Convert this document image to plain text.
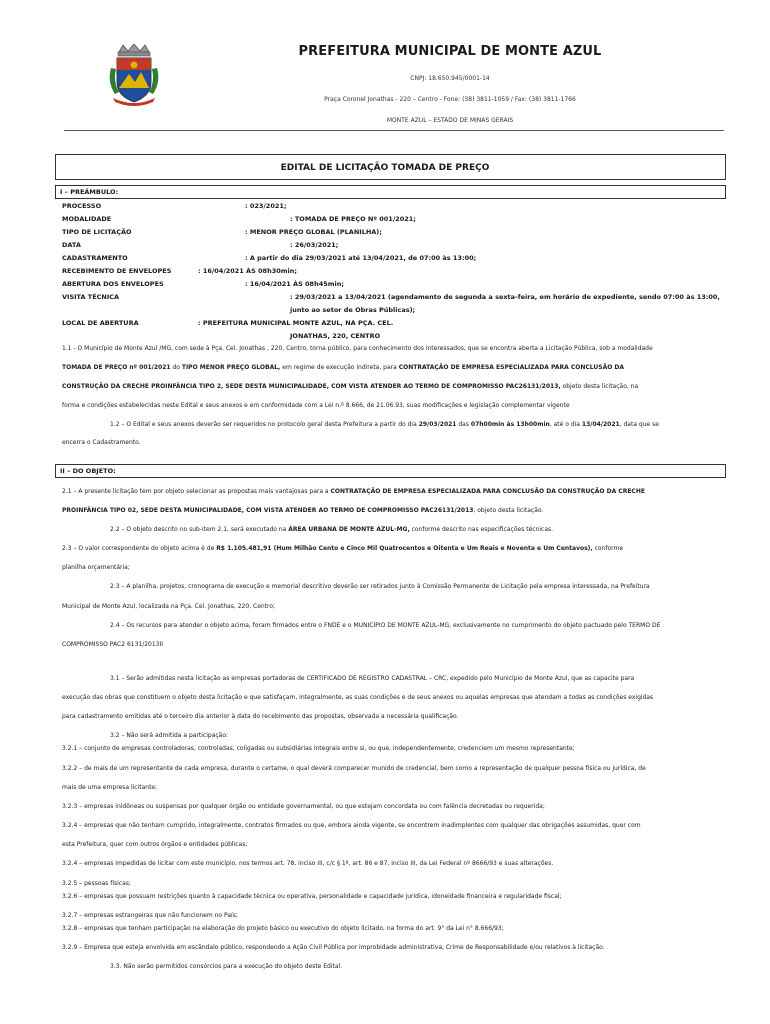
PREFEITURA MUNICIPAL DE MONTE AZUL
CNPJ: 18.650.945/0001-14
Praça Coronel Jonathas - 220 – Centro - Fone: (38) 3811-1059 / Fax: (38) 3811-1766
MONTE AZUL – ESTADO DE MINAS GERAIS
EDITAL DE LICITAÇÃO TOMADA DE PREÇO
I – PREÂMBULO:
PROCESSO	: 023/2021;
MODALIDADE	: TOMADA DE PREÇO Nº 001/2021;
TIPO DE LICITAÇÃO	: MENOR PREÇO GLOBAL (PLANILHA);
DATA	: 26/03/2021;
CADASTRAMENTO	: A partir do dia 29/03/2021 até 13/04/2021, de 07:00 às 13:00;
RECEBIMENTO DE ENVELOPES	: 16/04/2021 ÀS 08h30min;
ABERTURA DOS ENVELOPES	: 16/04/2021 ÀS 08h45min;
VISITA TÉCNICA	: 29/03/2021 a 13/04/2021 (agendamento de segunda a sexta-feira, em horário de expediente, sendo 07:00 às 13:00,
junto ao setor de Obras Públicas);
LOCAL DE ABERTURA	: PREFEITURA MUNICIPAL MONTE AZUL, NA PÇA. CEL.
JONATHAS, 220, CENTRO
1.1 - O Município de Monte Azul /MG, com sede à Pça. Cel. Jonathas , 220, Centro, torna público, para conhecimento dos interessados, que se encontra aberta a Licitação Pública, sob a modalidade
TOMADA DE PREÇO nº 001/2021 do TIPO MENOR PREÇO GLOBAL, em regime de execução indireta, para CONTRATAÇÃO DE EMPRESA ESPECIALIZADA PARA CONCLUSÃO DA
CONSTRUÇÃO DA CRECHE PROINFÂNCIA TIPO 2, SEDE DESTA MUNICIPALIDADE, COM VISTA ATENDER AO TERMO DE COMPROMISSO PAC26131/2013, objeto desta licitação, na
forma e condições estabelecidas neste Edital e seus anexos e em conformidade com a Lei n.º 8.666, de 21.06.93, suas modificações e legislação complementar vigente
1.2 – O Edital e seus anexos deverão ser requeridos no protocolo geral desta Prefeitura a partir do dia 29/03/2021 das 07h00min às 13h00min, até o dia 13/04/2021, data que se
encerra o Cadastramento.
II – DO OBJETO:
2.1 – A presente licitação tem por objeto selecionar as propostas mais vantajosas para a CONTRATAÇÃO DE EMPRESA ESPECIALIZADA PARA CONCLUSÃO DA CONSTRUÇÃO DA CRECHE
PROINFÂNCIA TIPO 02, SEDE DESTA MUNICIPALIDADE, COM VISTA ATENDER AO TERMO DE COMPROMISSO PAC26131/2013, objeto desta licitação.
2.2 – O objeto descrito no sub-item 2.1, será executado na ÁREA URBANA DE MONTE AZUL-MG, conforme descrito nas especificações técnicas.
2.3 – O valor correspondente do objeto acima é de R$ 1.105.481,91 (Hum Milhão Cento e Cinco Mil Quatrocentos e Oitenta e Um Reais e Noventa e Um Centavos), conforme
planilha orçamentária;
2.3 – A planilha, projetos, cronograma de execução e memorial descritivo deverão ser retirados junto à Comissão Permanente de Licitação pela empresa interessada, na Prefeitura
Municipal de Monte Azul, localizada na Pça. Cel. Jonathas, 220, Centro;
2.4 – Os recursos para atender o objeto acima, foram firmados entre o FNDE e o MUNICÍPIO DE MONTE AZUL-MG, exclusivamente no cumprimento do objeto pactuado pelo TERMO DE
COMPROMISSO PAC2 6131/2013II
3.1 – Serão admitidas nesta licitação as empresas portadoras de CERTIFICADO DE REGISTRO CADASTRAL – CRC, expedido pelo Município de Monte Azul, que as capacite para
execução das obras que constituem o objeto desta licitação e que satisfaçam, integralmente, as suas condições e de seus anexos ou aquelas empresas que atendam a todas as condições exigidas
para cadastramento emitidas até o terceiro dia anterior à data do recebimento das propostas, observada a necessária qualificação.
3.2 – Não será admitida a participação:
3.2.1 – conjunto de empresas controladoras, controladas, coligadas ou subsidiárias integrais entre si, ou que, independentemente, credenciem um mesmo representante;
3.2.2 – de mais de um representante de cada empresa, durante o certame, o qual deverá comparecer munido de credencial, bem como a representação de qualquer pessoa física ou jurídica, de
mais de uma empresa licitante;
3.2.3 – empresas inidôneas ou suspensas por qualquer órgão ou entidade governamental, ou que estejam concordata ou com falência decretadas ou requerida;
3.2.4 – empresas que não tenham cumprido, integralmente, contratos firmados ou que, embora ainda vigente, se encontrem inadimplentes com qualquer das obrigações assumidas, quer com
esta Prefeitura, quer com outros órgãos e entidades públicas;
3.2.4 – empresas impedidas de licitar com este município, nos termos art. 78, inciso III, c/c § 1º, art. 86 e 87, inciso III, da Lei Federal nº 8666/93 e suas alterações.
3.2.5 – pessoas físicas;
3.2.6 – empresas que possuam restrições quanto à capacidade técnica ou operativa, personalidade e capacidade jurídica, idoneidade financeira e regularidade fiscal;
3.2.7 – empresas estrangeiras que não funcionem no País;
3.2.8 – empresas que tenham participação na elaboração do projeto básico ou executivo do objeto licitado, na forma do art. 9° da Lei n° 8.666/93;
3.2.9 – Empresa que esteja envolvida em escândalo público, respondendo a Ação Civil Pública por improbidade administrativa, Crime de Responsabilidade e/ou relativos à licitação.
3.3. Não serão permitidos consórcios para a execução do objeto deste Edital.
